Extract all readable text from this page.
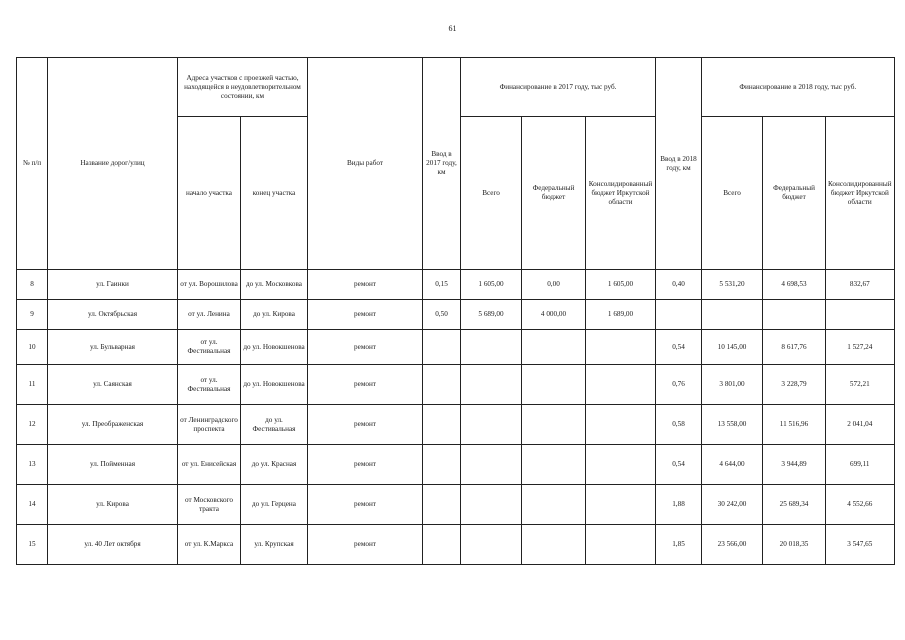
61
№ п/п	Название дорог/улиц	Адреса участков с проезжей частью, находящейся в неудовлетворительном состоянии, км		Виды работ	Ввод в 2017 году, км	Финансирование в 2017 году, тыс руб.			Ввод в 2018 году, км	Финансирование в 2018 году, тыс руб.		
		начало участка	конец участка			Всего	Федеральный бюджет	Консолидированный бюджет Иркутской области		Всего	Федеральный бюджет	Консолидированный бюджет Иркутской области
8	ул. Гаинки	от ул. Ворошилова	до ул. Московкова	ремонт	0,15	1 605,00	0,00	1 605,00	0,40	5 531,20	4 698,53	832,67
9	ул. Октябрьская	от ул. Ленина	до ул. Кирова	ремонт	0,50	5 689,00	4 000,00	1 689,00				
10	ул. Бульварная	от ул. Фестивальная	до ул. Новокшенова	ремонт					0,54	10 145,00	8 617,76	1 527,24
11	ул. Саянская	от ул. Фестивальная	до ул. Новокшенова	ремонт					0,76	3 801,00	3 228,79	572,21
12	ул. Преображенская	от Ленинградского проспекта	до ул. Фестивальная	ремонт					0,58	13 558,00	11 516,96	2 041,04
13	ул. Пойменная	от ул. Енисейская	до ул. Красная	ремонт					0,54	4 644,00	3 944,89	699,11
14	ул. Кирова	от Московского тракта	до ул. Герцена	ремонт					1,88	30 242,00	25 689,34	4 552,66
15	ул. 40 Лет октября	от ул. К.Маркса	ул. Крупская	ремонт					1,85	23 566,00	20 018,35	3 547,65
